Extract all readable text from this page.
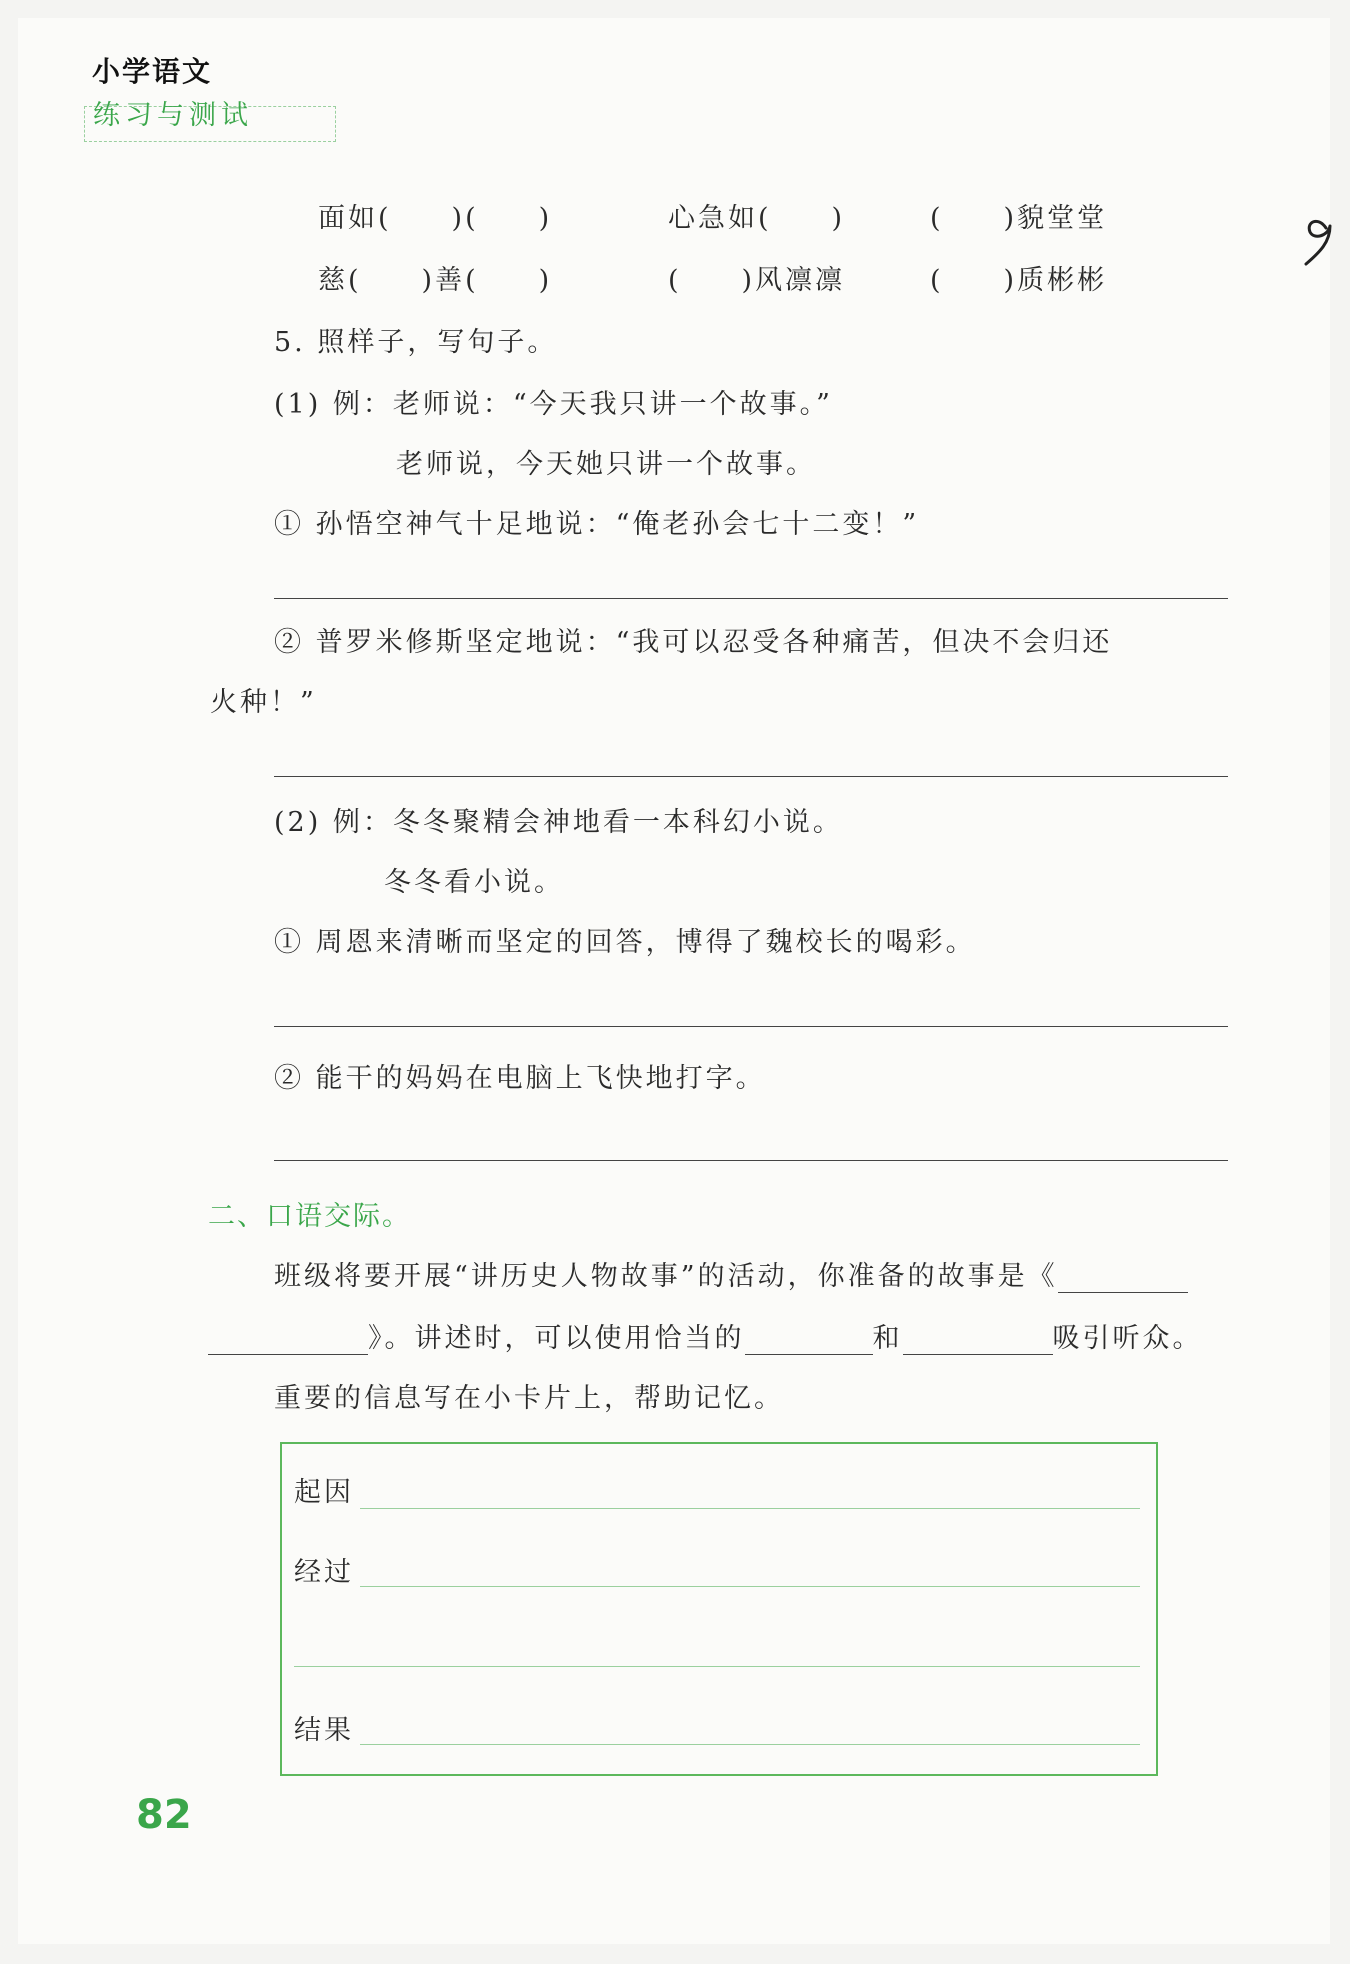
小学语文
练习与测试
面如(　　)(　　)	心急如(　　)	(　　)貌堂堂
慈(　　)善(　　)	(　　)风凛凛	(　　)质彬彬
5. 照样子，写句子。
(1) 例：老师说：“今天我只讲一个故事。”
老师说，今天她只讲一个故事。
① 孙悟空神气十足地说：“俺老孙会七十二变！”
② 普罗米修斯坚定地说：“我可以忍受各种痛苦，但决不会归还
火种！”
(2) 例：冬冬聚精会神地看一本科幻小说。
冬冬看小说。
① 周恩来清晰而坚定的回答，博得了魏校长的喝彩。
② 能干的妈妈在电脑上飞快地打字。
二、口语交际。
班级将要开展“讲历史人物故事”的活动，你准备的故事是《
》。讲述时，可以使用恰当的	和	吸引听众。
重要的信息写在小卡片上，帮助记忆。
起因
经过
结果
82
